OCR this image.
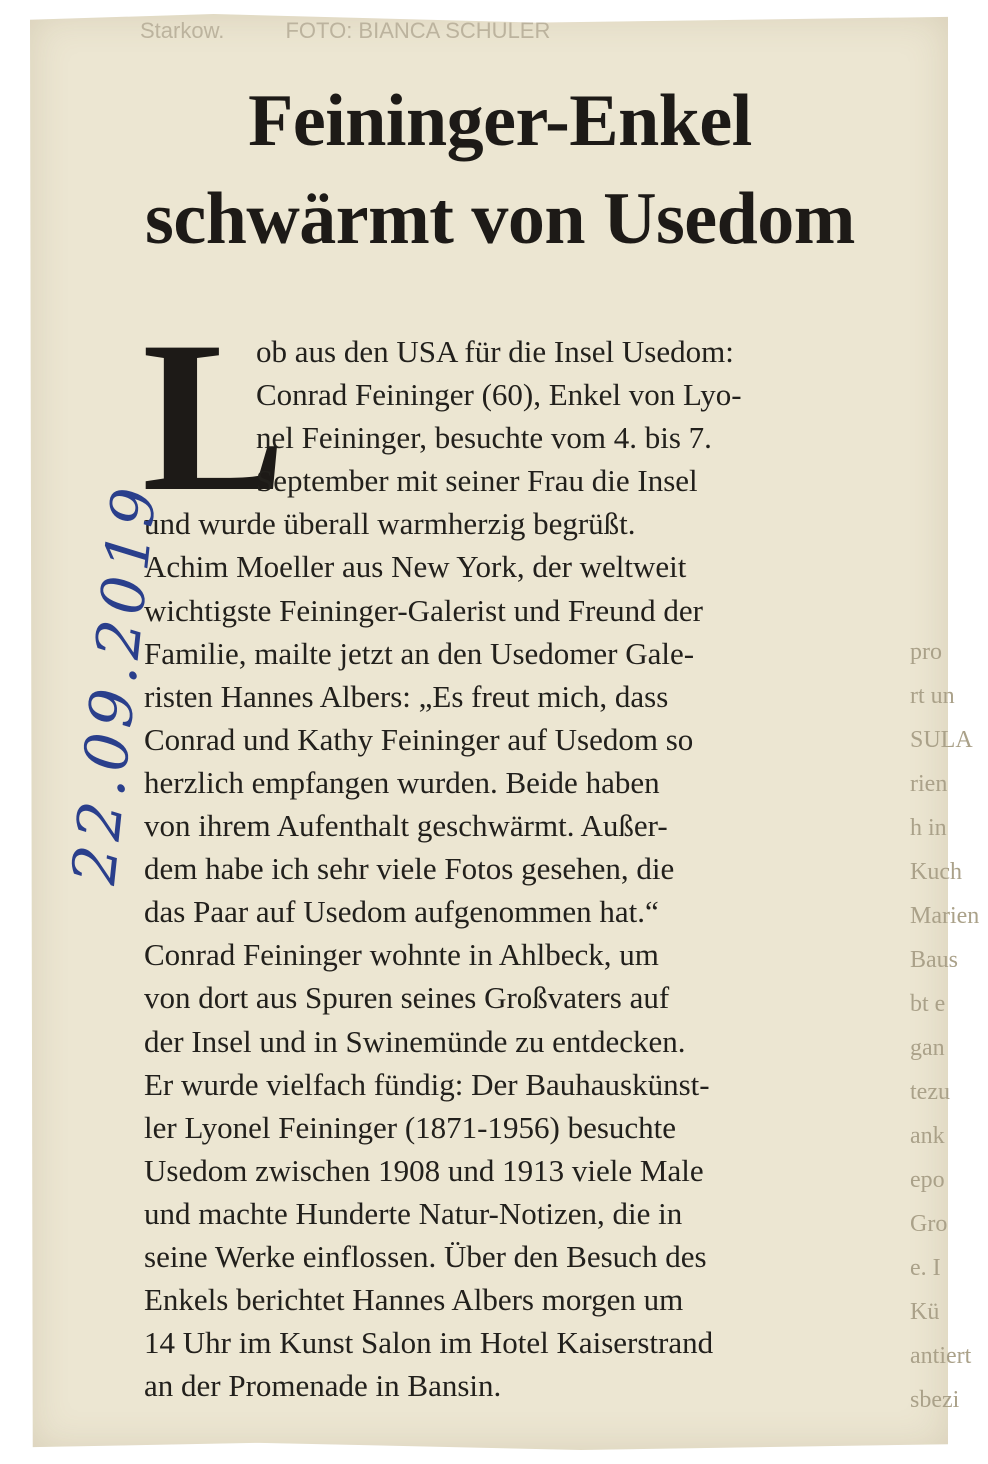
Starkow.          FOTO: BIANCA SCHULER
pro
rt un
SULA
rien
h in
Kuch
Marien
Baus
bt e
gan
tezu
ank
epo
Gro
e. I
Kü
antiert
sbezi
Feininger-Enkel
schwärmt von Usedom
L
ob aus den USA für die Insel Usedom:
Conrad Feininger (60), Enkel von Lyo-
nel Feininger, besuchte vom 4. bis 7.
September mit seiner Frau die Insel
und wurde überall warmherzig begrüßt.
Achim Moeller aus New York, der weltweit
wichtigste Feininger-Galerist und Freund der
Familie, mailte jetzt an den Usedomer Gale-
risten Hannes Albers: „Es freut mich, dass
Conrad und Kathy Feininger auf Usedom so
herzlich empfangen wurden. Beide haben
von ihrem Aufenthalt geschwärmt. Außer-
dem habe ich sehr viele Fotos gesehen, die
das Paar auf Usedom aufgenommen hat.“
Conrad Feininger wohnte in Ahlbeck, um
von dort aus Spuren seines Großvaters auf
der Insel und in Swinemünde zu entdecken.
Er wurde vielfach fündig: Der Bauhauskünst-
ler Lyonel Feininger (1871-1956) besuchte
Usedom zwischen 1908 und 1913 viele Male
und machte Hunderte Natur-Notizen, die in
seine Werke einflossen. Über den Besuch des
Enkels berichtet Hannes Albers morgen um
14 Uhr im Kunst Salon im Hotel Kaiserstrand
an der Promenade in Bansin.
22.09.2019
